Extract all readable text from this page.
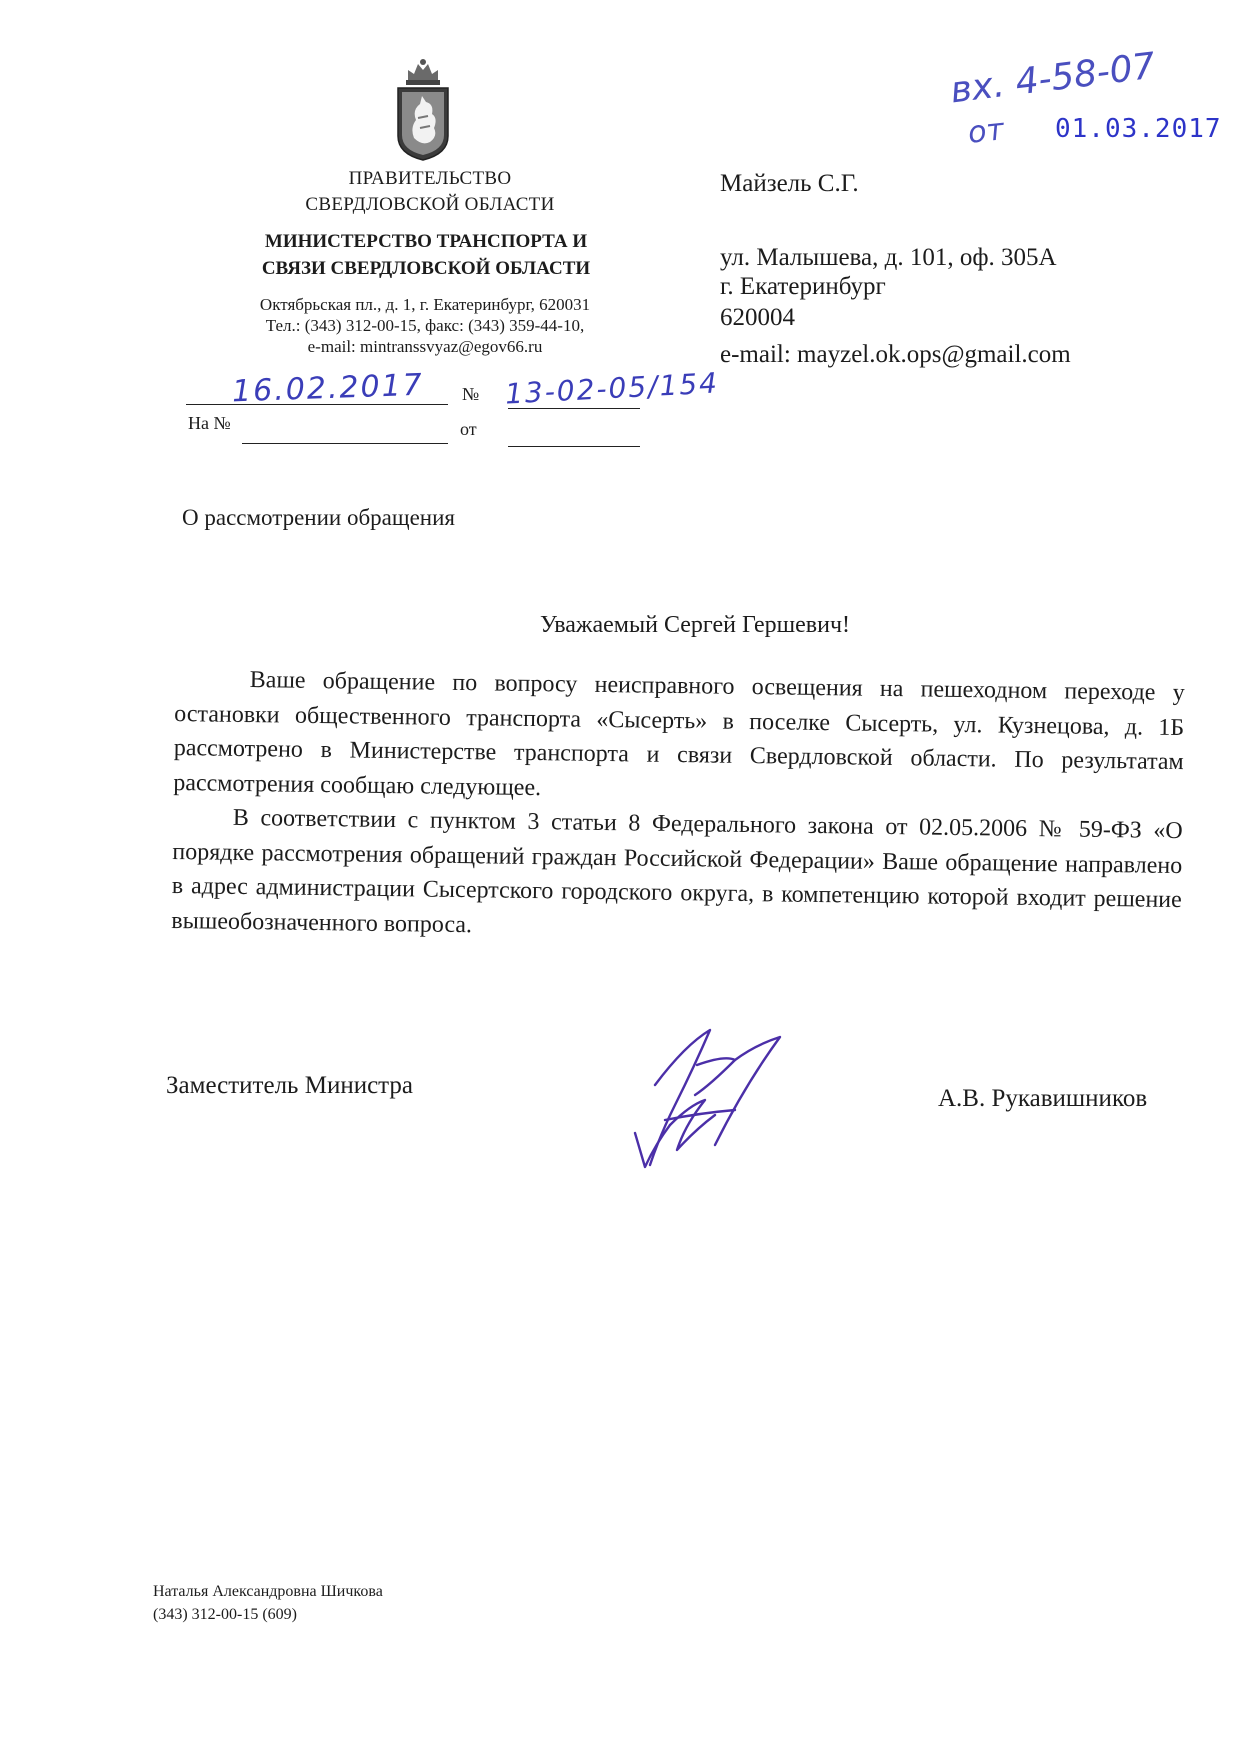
вх. 4-58-07
от 01.03.2017
ПРАВИТЕЛЬСТВО
СВЕРДЛОВСКОЙ ОБЛАСТИ
МИНИСТЕРСТВО ТРАНСПОРТА И
СВЯЗИ СВЕРДЛОВСКОЙ ОБЛАСТИ
Октябрьская пл., д. 1, г. Екатеринбург, 620031
Тел.: (343) 312-00-15, факс: (343) 359-44-10,
e-mail: mintranssvyaz@egov66.ru
16.02.2017 № 13-02-05/154
На №	от
Майзель С.Г.
ул. Малышева, д. 101, оф. 305А
г. Екатеринбург
620004
e-mail: mayzel.ok.ops@gmail.com
О рассмотрении обращения
Уважаемый Сергей Гершевич!

Ваше обращение по вопросу неисправного освещения на пешеходном переходе у остановки общественного транспорта «Сысерть» в поселке Сысерть, ул. Кузнецова, д. 1Б рассмотрено в Министерстве транспорта и связи Свердловской области. По результатам рассмотрения сообщаю следующее.

В соответствии с пунктом 3 статьи 8 Федерального закона от 02.05.2006 № 59-ФЗ «О порядке рассмотрения обращений граждан Российской Федерации» Ваше обращение направлено в адрес администрации Сысертского городского округа, в компетенцию которой входит решение вышеобозначенного вопроса.

Заместитель Министра	А.В. Рукавишников
Наталья Александровна Шичкова
(343) 312-00-15 (609)
